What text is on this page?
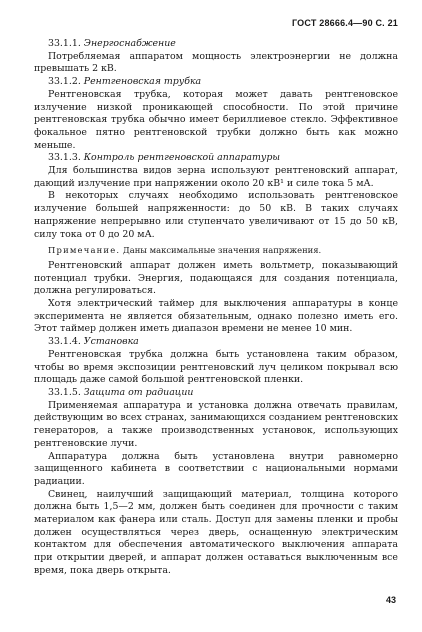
ГОСТ 28666.4—90 С. 21

33.1.1. Энергоснабжение

Потребляемая аппаратом мощность электроэнергии не должна превышать 2 кВ.

33.1.2. Рентгеновская трубка

Рентгеновская трубка, которая может давать рентгеновское излучение низкой проникающей способности. По этой причине рентгеновская трубка обычно имеет бериллиевое стекло. Эффективное фокальное пятно рентгеновской трубки должно быть как можно меньше.

33.1.3. Контроль рентгеновской аппаратуры

Для большинства видов зерна используют рентгеновский аппарат, дающий излучение при напряжении около 20 кВ¹ и силе тока 5 мА.

В некоторых случаях необходимо использовать рентгеновское излучение большей напряженности: до 50 кВ. В таких случаях напряжение непрерывно или ступенчато увеличивают от 15 до 50 кВ, силу тока от 0 до 20 мА.

Примечание. Даны максимальные значения напряжения.

Рентгеновский аппарат должен иметь вольтметр, показывающий потенциал трубки. Энергия, подающаяся для создания потенциала, должна регулироваться.

Хотя электрический таймер для выключения аппаратуры в конце эксперимента не является обязательным, однако полезно иметь его. Этот таймер должен иметь диапазон времени не менее 10 мин.

33.1.4. Установка

Рентгеновская трубка должна быть установлена таким образом, чтобы во время экспозиции рентгеновский луч целиком покрывал всю площадь даже самой большой рентгеновской пленки.

33.1.5. Защита от радиации

Применяемая аппаратура и установка должна отвечать правилам, действующим во всех странах, занимающихся созданием рентгеновских генераторов, а также производственных установок, использующих рентгеновские лучи.

Аппаратура должна быть установлена внутри равномерно защищенного кабинета в соответствии с национальными нормами радиации.

Свинец, наилучший защищающий материал, толщина которого должна быть 1,5—2 мм, должен быть соединен для прочности с таким материалом как фанера или сталь. Доступ для замены пленки и пробы должен осуществляться через дверь, оснащенную электрическим контактом для обеспечения автоматического выключения аппарата при открытии дверей, и аппарат должен оставаться выключенным все время, пока дверь открыта.

43
